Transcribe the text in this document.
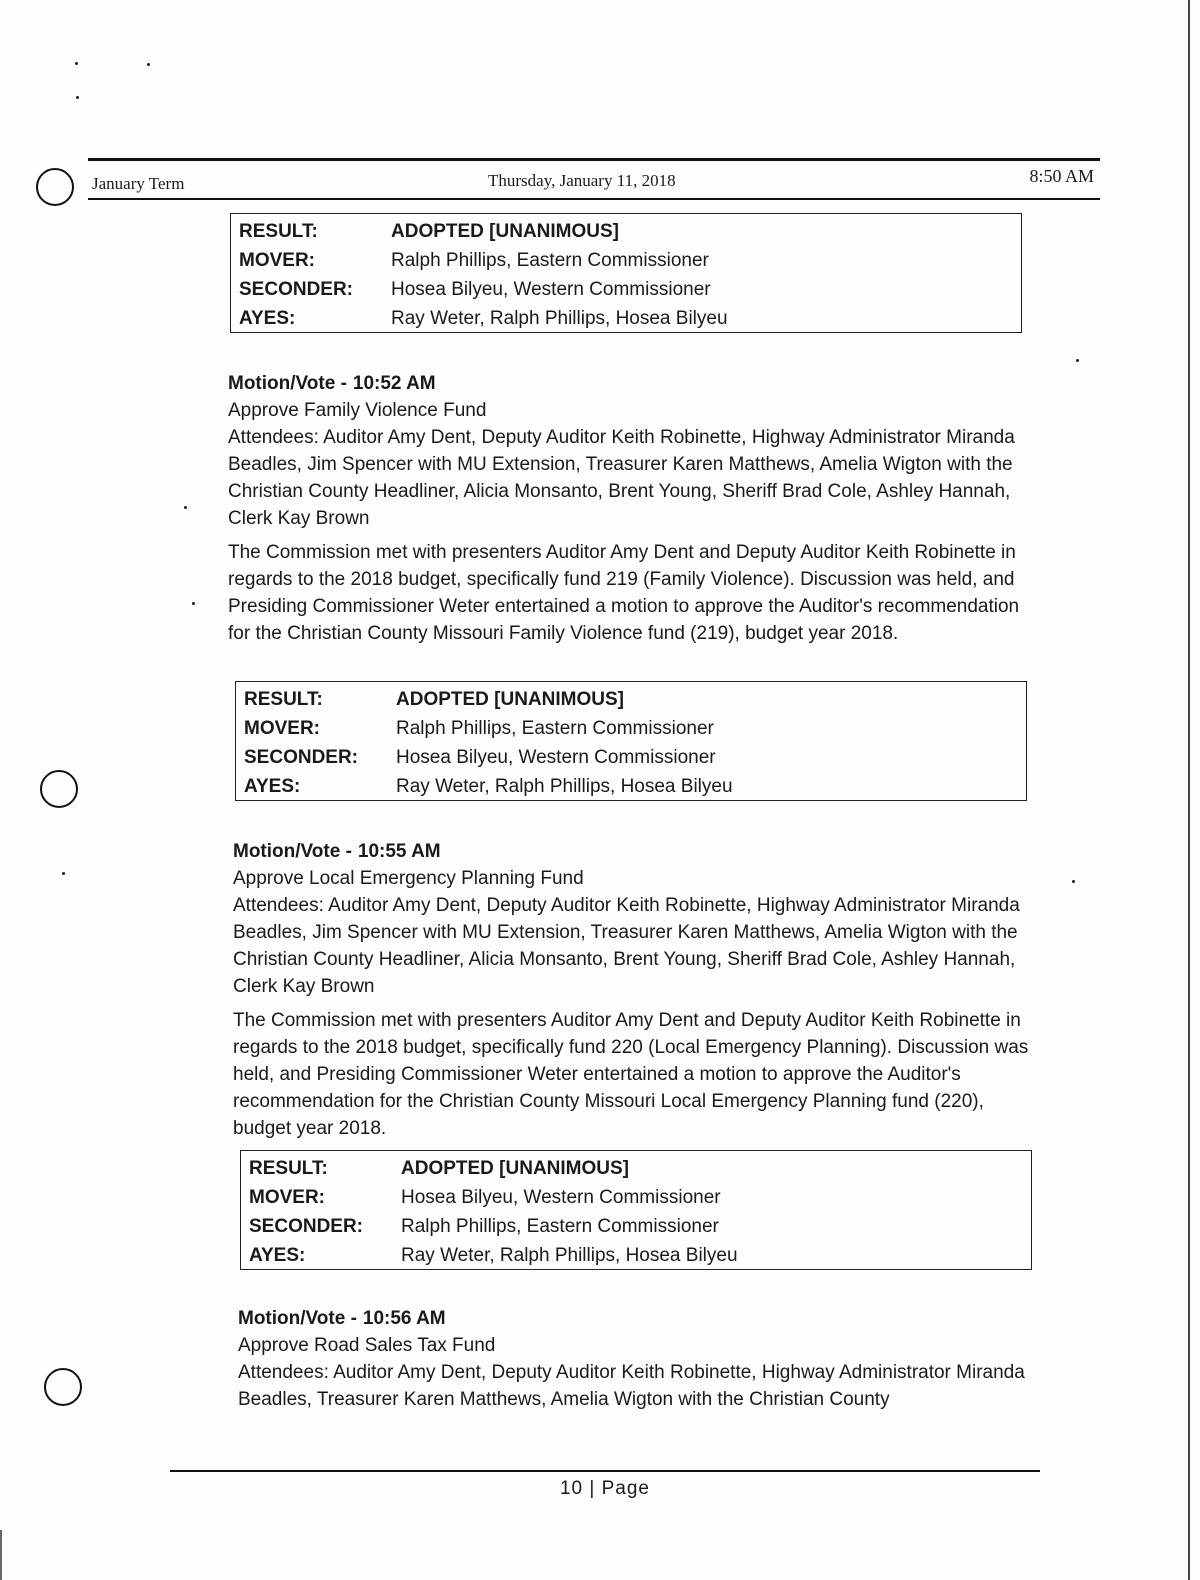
January Term	Thursday, January 11, 2018	8:50 AM
RESULT:	ADOPTED [UNANIMOUS]
MOVER:	Ralph Phillips, Eastern Commissioner
SECONDER:	Hosea Bilyeu, Western Commissioner
AYES:	Ray Weter, Ralph Phillips, Hosea Bilyeu

Motion/Vote - 10:52 AM

Approve Family Violence Fund

Attendees: Auditor Amy Dent, Deputy Auditor Keith Robinette, Highway Administrator Miranda Beadles, Jim Spencer with MU Extension, Treasurer Karen Matthews, Amelia Wigton with the Christian County Headliner, Alicia Monsanto, Brent Young, Sheriff Brad Cole, Ashley Hannah, Clerk Kay Brown

The Commission met with presenters Auditor Amy Dent and Deputy Auditor Keith Robinette in regards to the 2018 budget, specifically fund 219 (Family Violence). Discussion was held, and Presiding Commissioner Weter entertained a motion to approve the Auditor's recommendation for the Christian County Missouri Family Violence fund (219), budget year 2018.

RESULT:	ADOPTED [UNANIMOUS]
MOVER:	Ralph Phillips, Eastern Commissioner
SECONDER:	Hosea Bilyeu, Western Commissioner
AYES:	Ray Weter, Ralph Phillips, Hosea Bilyeu

Motion/Vote - 10:55 AM

Approve Local Emergency Planning Fund

Attendees: Auditor Amy Dent, Deputy Auditor Keith Robinette, Highway Administrator Miranda Beadles, Jim Spencer with MU Extension, Treasurer Karen Matthews, Amelia Wigton with the Christian County Headliner, Alicia Monsanto, Brent Young, Sheriff Brad Cole, Ashley Hannah, Clerk Kay Brown

The Commission met with presenters Auditor Amy Dent and Deputy Auditor Keith Robinette in regards to the 2018 budget, specifically fund 220 (Local Emergency Planning). Discussion was held, and Presiding Commissioner Weter entertained a motion to approve the Auditor's recommendation for the Christian County Missouri Local Emergency Planning fund (220), budget year 2018.

RESULT:	ADOPTED [UNANIMOUS]
MOVER:	Hosea Bilyeu, Western Commissioner
SECONDER:	Ralph Phillips, Eastern Commissioner
AYES:	Ray Weter, Ralph Phillips, Hosea Bilyeu

Motion/Vote - 10:56 AM

Approve Road Sales Tax Fund

Attendees: Auditor Amy Dent, Deputy Auditor Keith Robinette, Highway Administrator Miranda Beadles, Treasurer Karen Matthews, Amelia Wigton with the Christian County

10 | Page
